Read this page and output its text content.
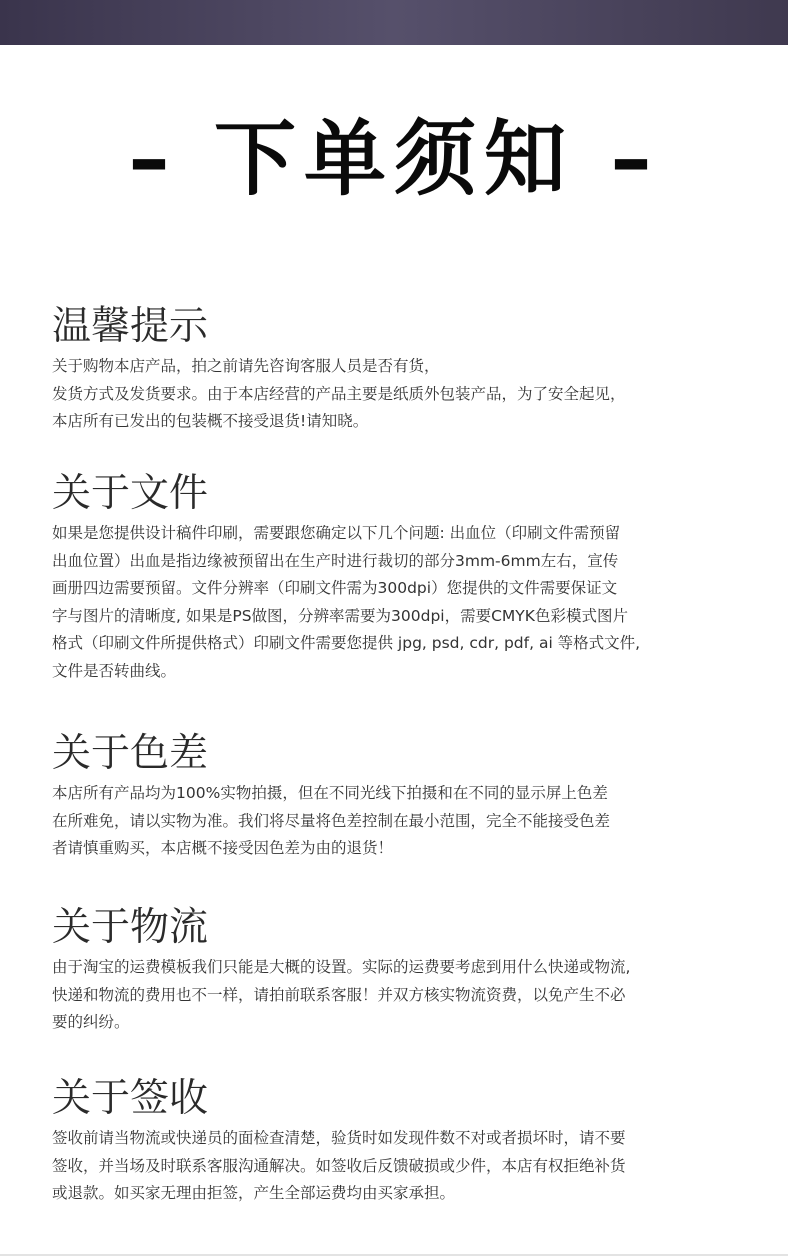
– 下单须知 –
温馨提示
关于购物本店产品，拍之前请先咨询客服人员是否有货，
发货方式及发货要求。由于本店经营的产品主要是纸质外包装产品，为了安全起见，
本店所有已发出的包装概不接受退货!请知晓。
关于文件
如果是您提供设计稿件印刷，需要跟您确定以下几个问题: 出血位（印刷文件需预留
出血位置）出血是指边缘被预留出在生产时进行裁切的部分3mm-6mm左右，宣传
画册四边需要预留。文件分辨率（印刷文件需为300dpi）您提供的文件需要保证文
字与图片的清晰度, 如果是PS做图，分辨率需要为300dpi，需要CMYK色彩模式图片
格式（印刷文件所提供格式）印刷文件需要您提供 jpg, psd, cdr, pdf, ai 等格式文件,
文件是否转曲线。
关于色差
本店所有产品均为100%实物拍摄，但在不同光线下拍摄和在不同的显示屏上色差
在所难免，请以实物为准。我们将尽量将色差控制在最小范围，完全不能接受色差
者请慎重购买，本店概不接受因色差为由的退货！
关于物流
由于淘宝的运费模板我们只能是大概的设置。实际的运费要考虑到用什么快递或物流,
快递和物流的费用也不一样，请拍前联系客服！并双方核实物流资费，以免产生不必
要的纠纷。
关于签收
签收前请当物流或快递员的面检查清楚，验货时如发现件数不对或者损坏时，请不要
签收，并当场及时联系客服沟通解决。如签收后反馈破损或少件，本店有权拒绝补货
或退款。如买家无理由拒签，产生全部运费均由买家承担。
